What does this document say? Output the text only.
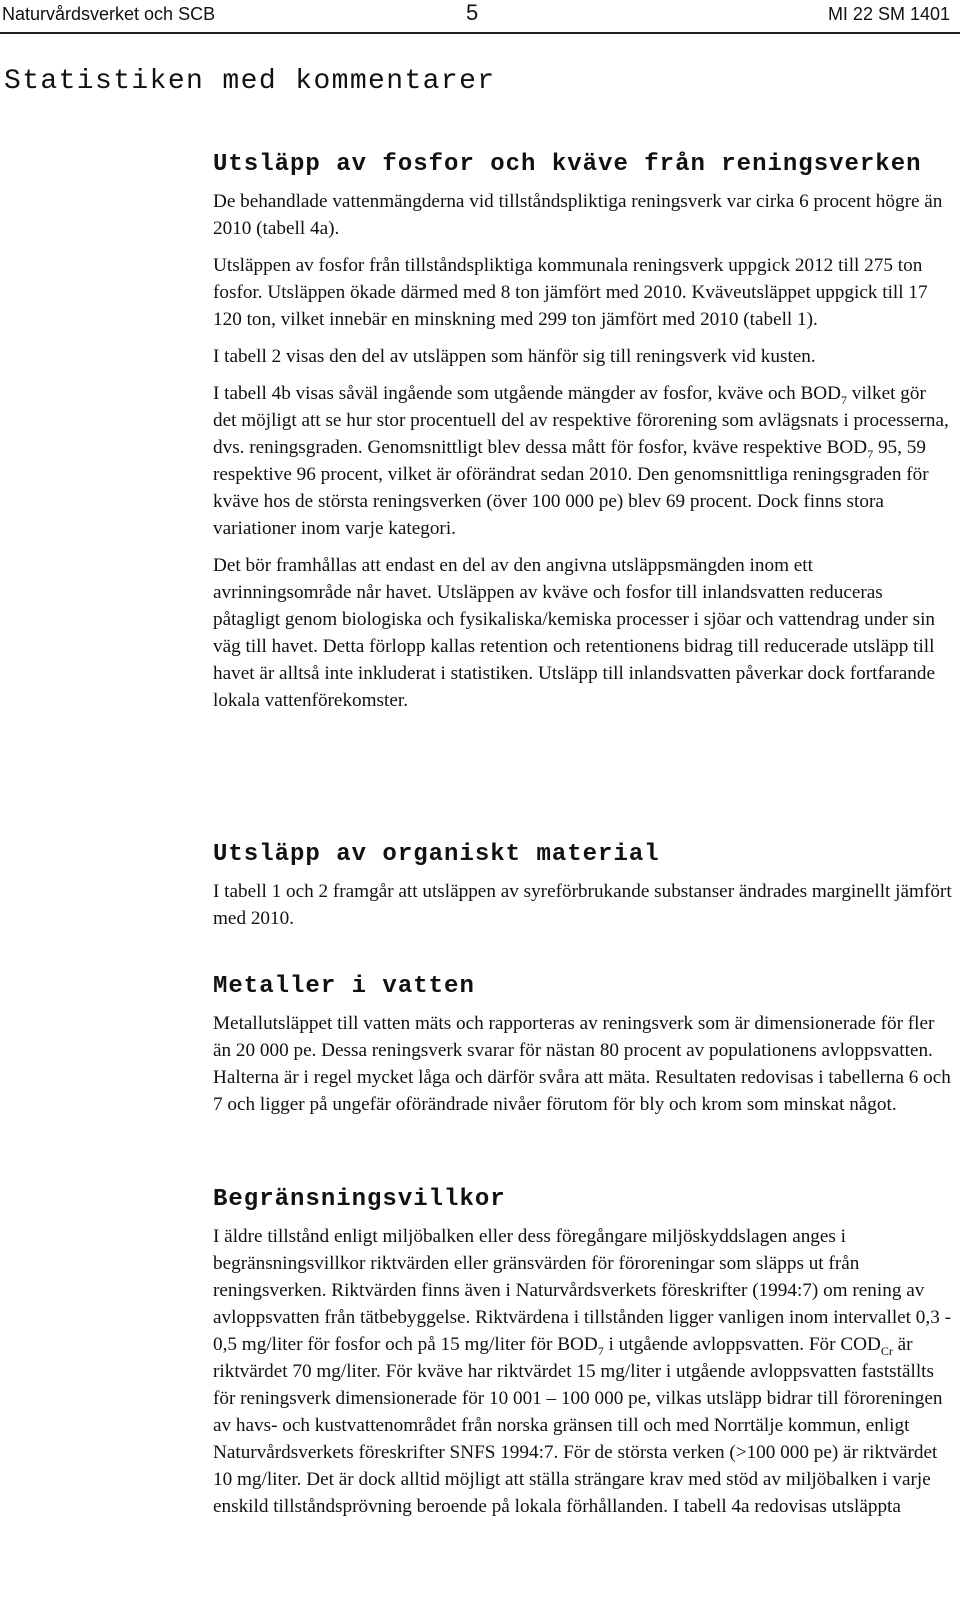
Naturvårdsverket och SCB	5	MI 22 SM 1401
Statistiken med kommentarer
Utsläpp av fosfor och kväve från reningsverken

De behandlade vattenmängderna vid tillståndspliktiga reningsverk var cirka 6 procent högre än 2010 (tabell 4a).

Utsläppen av fosfor från tillståndspliktiga kommunala reningsverk uppgick 2012 till 275 ton fosfor. Utsläppen ökade därmed med 8 ton jämfört med 2010. Kväveutsläppet uppgick till 17 120 ton, vilket innebär en minskning med 299 ton jämfört med 2010 (tabell 1).

I tabell 2 visas den del av utsläppen som hänför sig till reningsverk vid kusten.

I tabell 4b visas såväl ingående som utgående mängder av fosfor, kväve och $BOD_7$ vilket gör det möjligt att se hur stor procentuell del av respektive förorening som avlägsnats i processerna, dvs. reningsgraden. Genomsnittligt blev dessa mått för fosfor, kväve respektive $BOD_7$ 95, 59 respektive 96 procent, vilket är oförändrat sedan 2010. Den genomsnittliga reningsgraden för kväve hos de största reningsverken (över 100 000 pe) blev 69 procent. Dock finns stora variationer inom varje kategori.

Det bör framhållas att endast en del av den angivna utsläppsmängden inom ett avrinningsområde når havet. Utsläppen av kväve och fosfor till inlandsvatten reduceras påtagligt genom biologiska och fysikaliska/kemiska processer i sjöar och vattendrag under sin väg till havet. Detta förlopp kallas retention och retentionens bidrag till reducerade utsläpp till havet är alltså inte inkluderat i statistiken. Utsläpp till inlandsvatten påverkar dock fortfarande lokala vattenförekomster.

Utsläpp av organiskt material

I tabell 1 och 2 framgår att utsläppen av syreförbrukande substanser ändrades marginellt jämfört med 2010.

Metaller i vatten

Metallutsläppet till vatten mäts och rapporteras av reningsverk som är dimensionerade för fler än 20 000 pe. Dessa reningsverk svarar för nästan 80 procent av populationens avloppsvatten. Halterna är i regel mycket låga och därför svåra att mäta. Resultaten redovisas i tabellerna 6 och 7 och ligger på ungefär oförändrade nivåer förutom för bly och krom som minskat något.

Begränsningsvillkor

I äldre tillstånd enligt miljöbalken eller dess föregångare miljöskyddslagen anges i begränsningsvillkor riktvärden eller gränsvärden för föroreningar som släpps ut från reningsverken. Riktvärden finns även i Naturvårdsverkets föreskrifter (1994:7) om rening av avloppsvatten från tätbebyggelse. Riktvärdena i tillstånden ligger vanligen inom intervallet 0,3 - 0,5 mg/liter för fosfor och på 15 mg/liter för $BOD_7$ i utgående avloppsvatten. För $COD_{Cr}$ är riktvärdet 70 mg/liter. För kväve har riktvärdet 15 mg/liter i utgående avloppsvatten fastställts för reningsverk dimensionerade för 10 001 – 100 000 pe, vilkas utsläpp bidrar till föroreningen av havs- och kustvattenområdet från norska gränsen till och med Norrtälje kommun, enligt Naturvårdsverkets föreskrifter SNFS 1994:7. För de största verken (>100 000 pe) är riktvärdet 10 mg/liter. Det är dock alltid möjligt att ställa strängare krav med stöd av miljöbalken i varje enskild tillståndsprövning beroende på lokala förhållanden. I tabell 4a redovisas utsläppta
